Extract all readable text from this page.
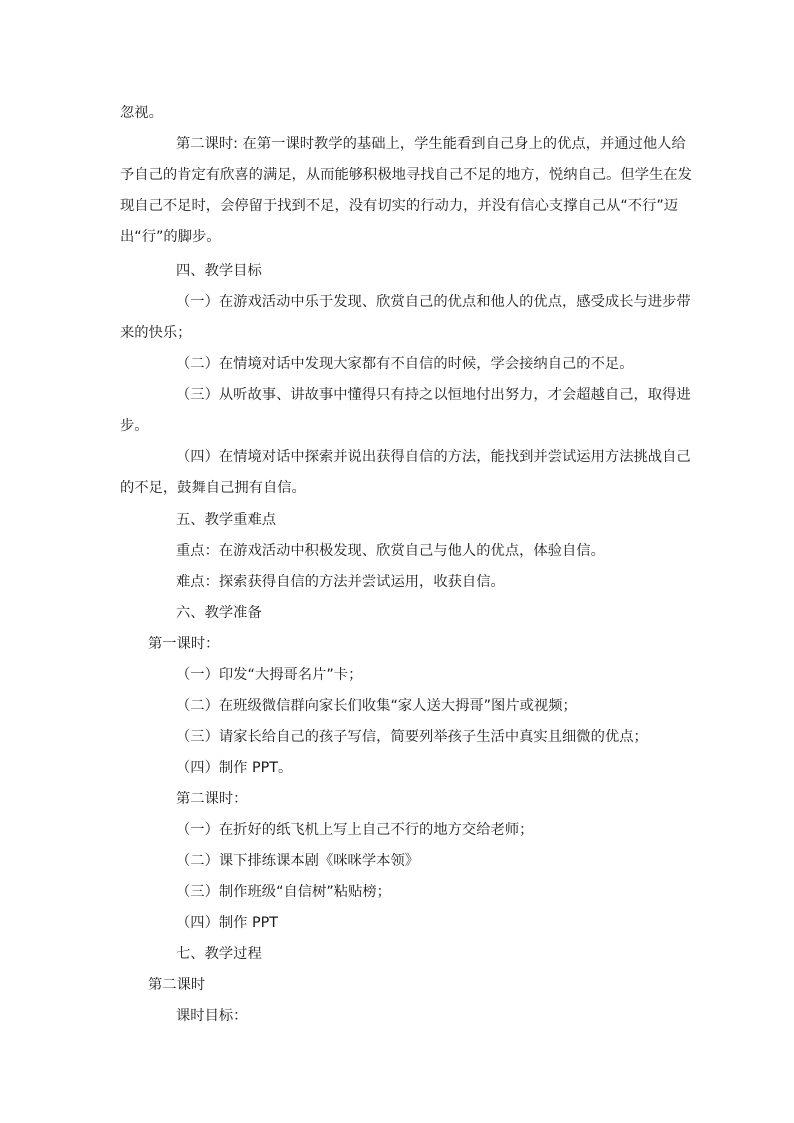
忽视。
第二课时: 在第一课时教学的基础上，学生能看到自己身上的优点，并通过他人给
予自己的肯定有欣喜的满足，从而能够积极地寻找自己不足的地方，悦纳自己。但学生在发
现自己不足时，会停留于找到不足，没有切实的行动力，并没有信心支撑自己从“不行”迈
出“行”的脚步。
四、教学目标
（一）在游戏活动中乐于发现、欣赏自己的优点和他人的优点，感受成长与进步带
来的快乐；
（二）在情境对话中发现大家都有不自信的时候，学会接纳自己的不足。
（三）从听故事、讲故事中懂得只有持之以恒地付出努力，才会超越自己，取得进
步。
（四）在情境对话中探索并说出获得自信的方法，能找到并尝试运用方法挑战自己
的不足，鼓舞自己拥有自信。
五、教学重难点
重点：在游戏活动中积极发现、欣赏自己与他人的优点，体验自信。
难点：探索获得自信的方法并尝试运用，收获自信。
六、教学准备
第一课时：
（一）印发“大拇哥名片”卡；
（二）在班级微信群向家长们收集“家人送大拇哥”图片或视频；
（三）请家长给自己的孩子写信，简要列举孩子生活中真实且细微的优点；
（四）制作 PPT。
第二课时：
（一）在折好的纸飞机上写上自己不行的地方交给老师；
（二）课下排练课本剧《咪咪学本领》
（三）制作班级“自信树”粘贴榜；
（四）制作 PPT
七、教学过程
第二课时
课时目标：
